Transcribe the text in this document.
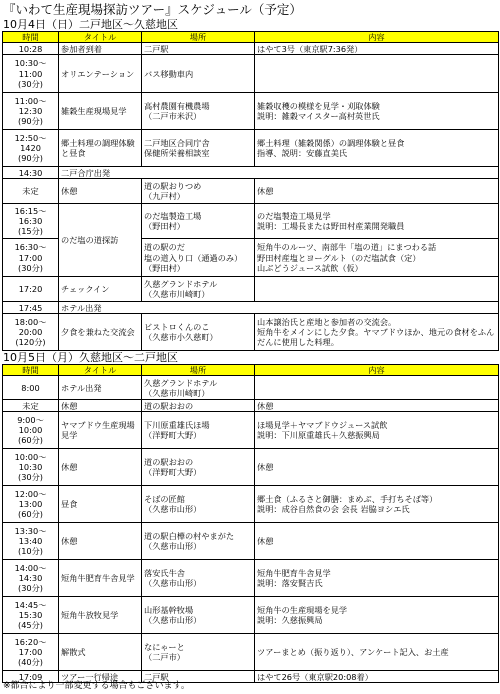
『いわて生産現場探訪ツアー』スケジュール（予定）
10月4日（日）二戸地区～久慈地区
時間	タイトル	場所	内容
10:28	参加者到着	二戸駅	はやて3号（東京駅7:36発）
10:30～
11:00
(30分)	オリエンテーション	バス移動車内	
11:00～
12:30
(90分)	雑穀生産現場見学	高村農園有機農場
（二戸市米沢）	雑穀収穫の模様を見学・刈取体験
説明：雑穀マイスター高村英世氏
12:50～
1420
(90分)	郷土料理の調理体験と昼食	二戸地区合同庁舎
保健所栄養相談室	郷土料理（雑穀関係）の調理体験と昼食
指導、説明：安藤直美氏
14:30	二戸合庁出発		
未定	休憩	道の駅おりつめ
（九戸村）	休憩
16:15～
16:30
(15分)	のだ塩の道探訪	のだ塩製造工場
（野田村）	のだ塩製造工場見学
説明：工場長または野田村産業開発職員
16:30～
17:00
(30分)		道の駅のだ
塩の道入り口（通過のみ）
（野田村）	短角牛のルーツ、南部牛「塩の道」にまつわる話
野田村産塩とヨーグルト（のだ塩試食（定）
山ぶどうジュース試飲（仮）
17:20	チェックイン	久慈グランドホテル
（久慈市川崎町）	
17:45	ホテル出発		
18:00～
20:00
(120分)	夕食を兼ねた交流会	ビストロくんのこ
（久慈市小久慈町）	山本譲治氏と産地と参加者の交流会。
短角牛をメインにした夕食。ヤマブドウほか、地元の食材をふんだんに使用した料理。
10月5日（月）久慈地区～二戸地区
時間	タイトル	場所	内容
8:00	ホテル出発	久慈グランドホテル
（久慈市川崎町）	
未定	休憩	道の駅おおの	休憩
9:00～
10:00
(60分)	ヤマブドウ生産現場見学	下川原重雄氏ほ場
（洋野町大野）	ほ場見学＋ヤマブドウジュース試飲
説明：下川原重雄氏＋久慈振興局
10:00～
10:30
(30分)	休憩	道の駅おおの
（洋野町大野）	休憩
12:00～
13:00
(60分)	昼食	そばの匠館
（久慈市山形）	郷土食（ふるさと御膳：まめぶ、手打ちそば等）
説明：成谷自然食の会 会長 岩脇ヨシエ氏
13:30～
13:40
(10分)	休憩	道の駅白樺の村やまがた
（久慈市山形）	休憩
14:00～
14:30
(30分)	短角牛肥育牛舎見学	落安氏牛舎
（久慈市山形）	短角牛肥育牛舎見学
説明：落安賢吉氏
14:45～
15:30
(45分)	短角牛放牧見学	山形基幹牧場
（久慈市山形）	短角牛の生産現場を見学
説明：久慈振興局
16:20～
17:00
(40分)	解散式	なにゃーと
（二戸市）	ツアーまとめ（振り返り）、アンケート記入、お土産
17:09	ツアー一行帰途	二戸駅	はやて26号（東京駅20:08着）
※都合により一部変更する場合もございます。
